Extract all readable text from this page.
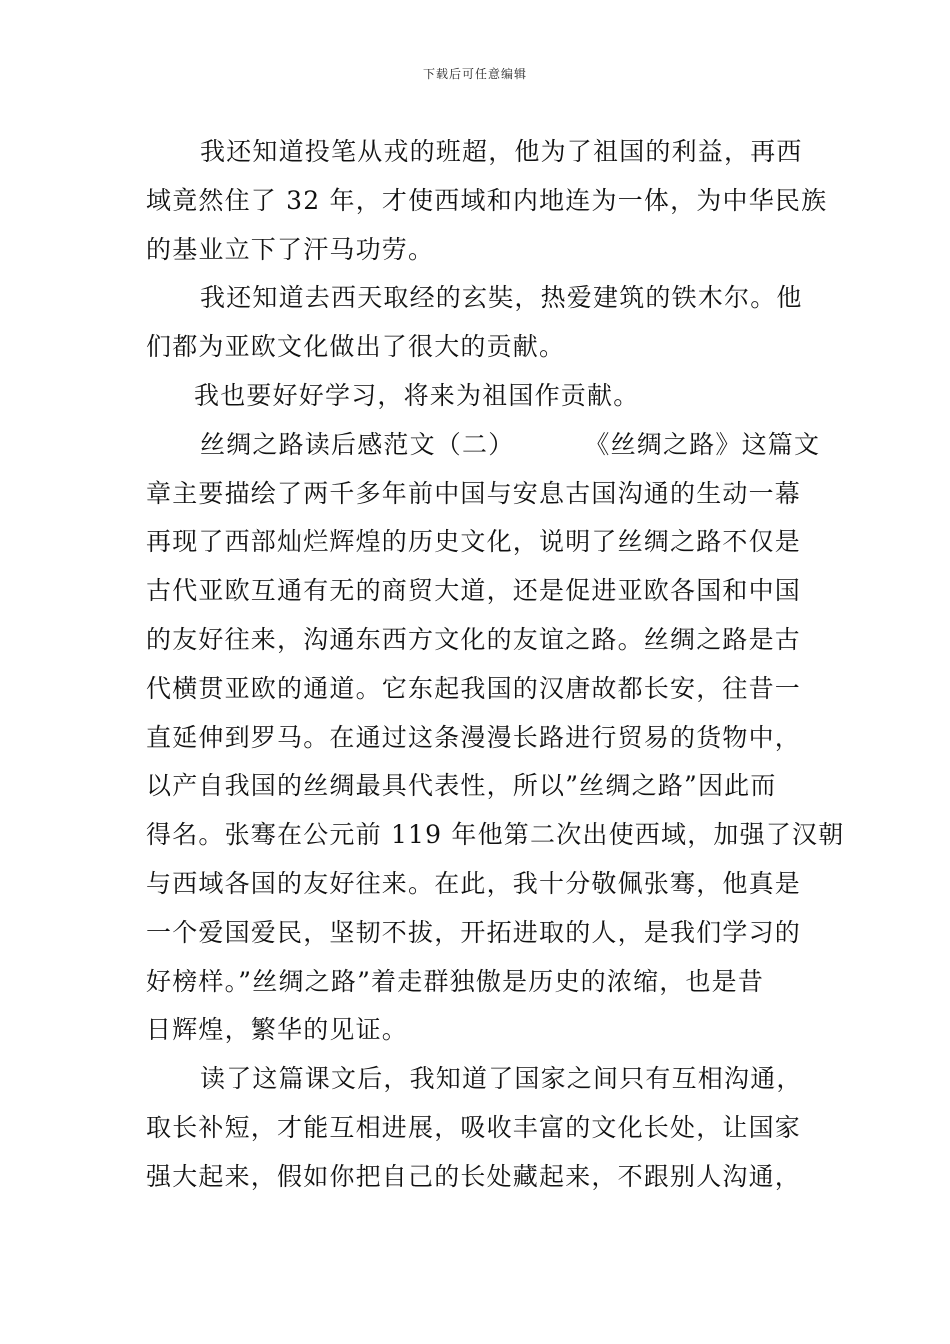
下载后可任意编辑
我还知道投笔从戎的班超，他为了祖国的利益，再西
域竟然住了 32 年，才使西域和内地连为一体，为中华民族
的基业立下了汗马功劳。
我还知道去西天取经的玄奘，热爱建筑的铁木尔。他
们都为亚欧文化做出了很大的贡献。
我也要好好学习，将来为祖国作贡献。
丝绸之路读后感范文（二）	《丝绸之路》这篇文
章主要描绘了两千多年前中国与安息古国沟通的生动一幕
再现了西部灿烂辉煌的历史文化，说明了丝绸之路不仅是
古代亚欧互通有无的商贸大道，还是促进亚欧各国和中国
的友好往来，沟通东西方文化的友谊之路。丝绸之路是古
代横贯亚欧的通道。它东起我国的汉唐故都长安，往昔一
直延伸到罗马。在通过这条漫漫长路进行贸易的货物中，
以产自我国的丝绸最具代表性，所以”丝绸之路”因此而
得名。张骞在公元前 119 年他第二次出使西域，加强了汉朝
与西域各国的友好往来。在此，我十分敬佩张骞，他真是
一个爱国爱民，坚韧不拔，开拓进取的人，是我们学习的
好榜样。”丝绸之路”着走群独傲是历史的浓缩，也是昔
日辉煌，繁华的见证。
读了这篇课文后，我知道了国家之间只有互相沟通，
取长补短，才能互相进展，吸收丰富的文化长处，让国家
强大起来，假如你把自己的长处藏起来，不跟别人沟通，
